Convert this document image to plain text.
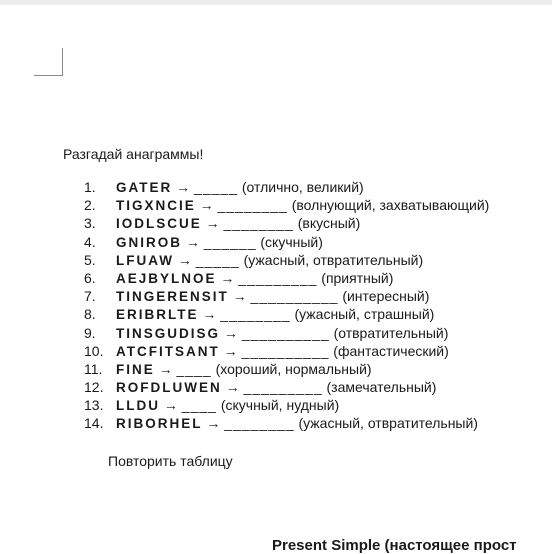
Разгадай анаграммы!
1. GATER → _____ (отлично, великий)
2. TIGXNCIE → ________ (волнующий, захватывающий)
3. IODLSCUE → ________ (вкусный)
4. GNIROB → ______ (скучный)
5. LFUAW → _____ (ужасный, отвратительный)
6. AEJBYLNOE → _________ (приятный)
7. TINGERENSIT → __________ (интересный)
8. ERIBRLTE → ________ (ужасный, страшный)
9. TINSGUDISG → __________ (отвратительный)
10. ATCFITSANT → __________ (фантастический)
11. FINE → ____ (хороший, нормальный)
12. ROFDLUWEN → _________ (замечательный)
13. LLDU → ____ (скучный, нудный)
14. RIBORHEL → ________ (ужасный, отвратительный)
Повторить таблицу
Present Simple (настоящее прост
